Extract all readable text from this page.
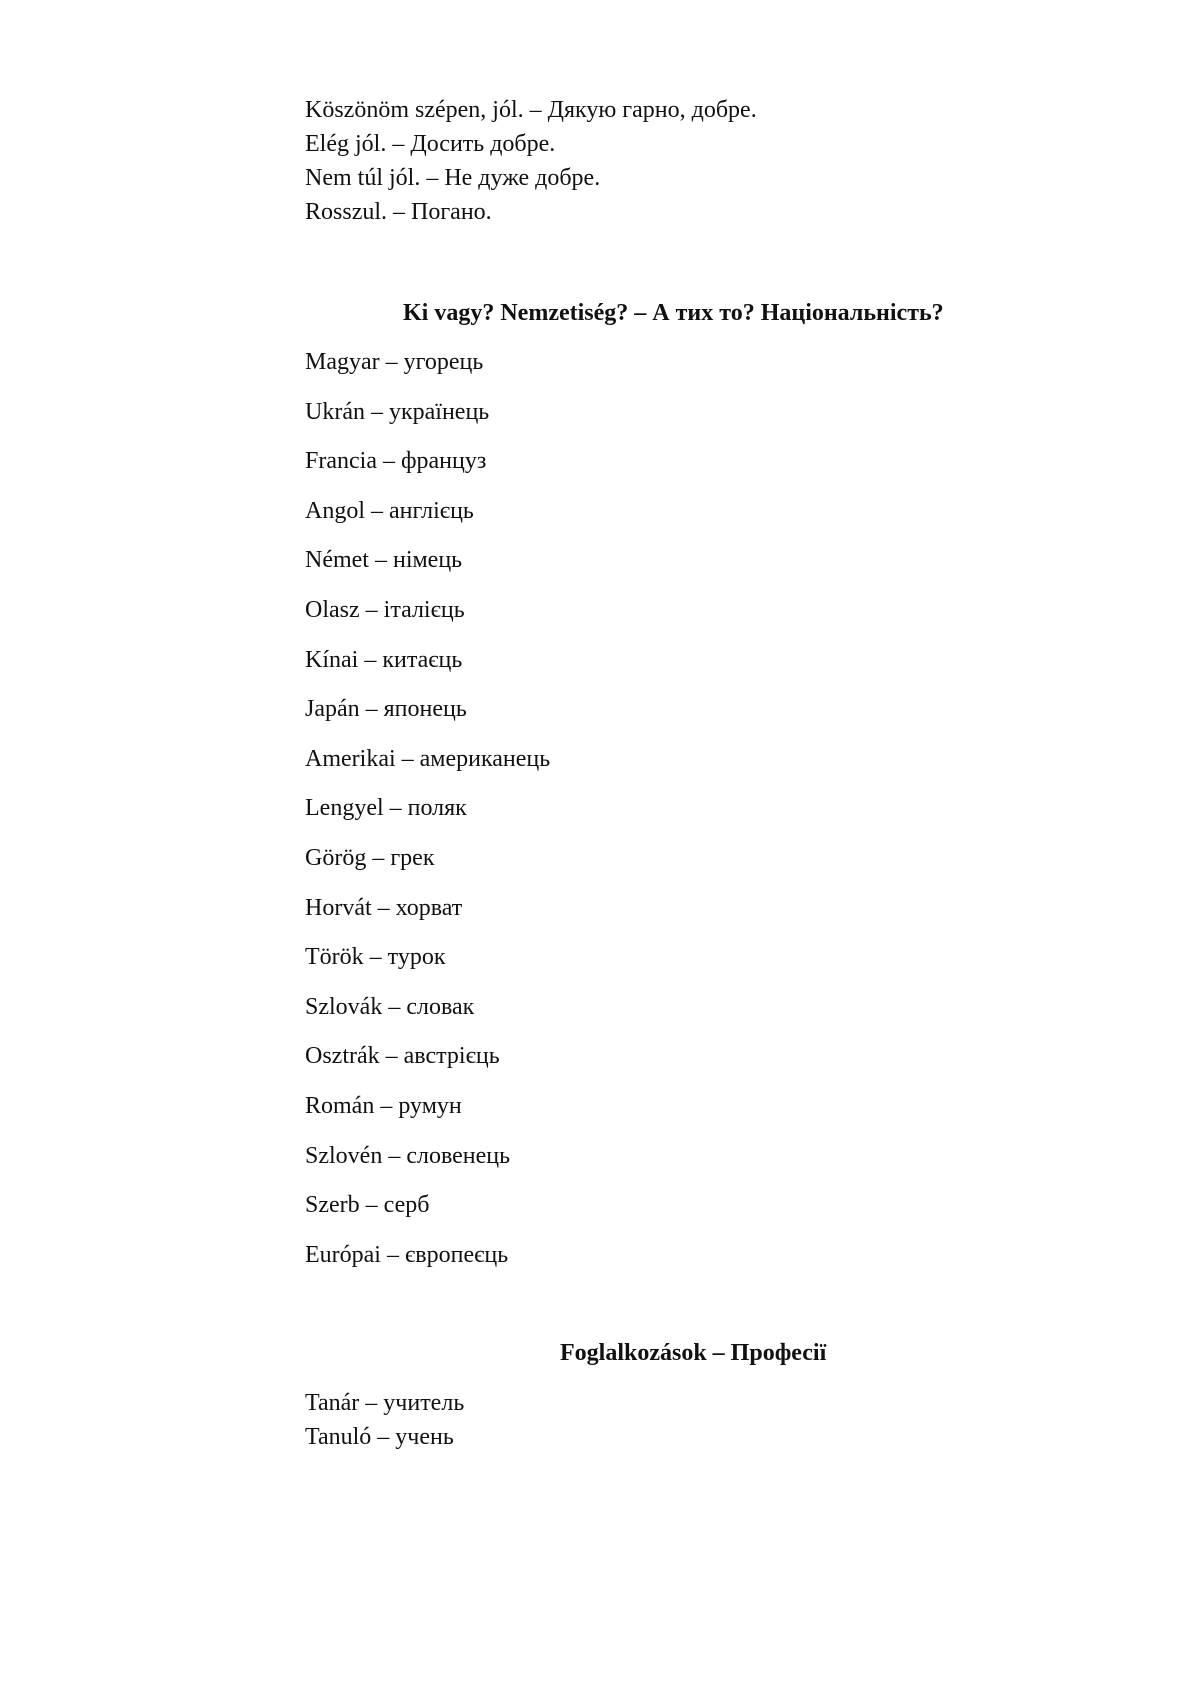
Köszönöm szépen, jól. – Дякую гарно, добре.
Elég jól. – Досить добре.
Nem túl jól. – Не дуже добре.
Rosszul. – Погано.
Ki vagy? Nemzetiség? – А тих то? Національність?
Magyar – угорець
Ukrán – українець
Francia – француз
Angol – англієць
Német – німець
Olasz – італієць
Kínai – китаєць
Japán – японець
Amerikai – американець
Lengyel – поляк
Görög – грек
Horvát – хорват
Török – турок
Szlovák – словак
Osztrák – австрієць
Román – румун
Szlovén – словенець
Szerb – серб
Európai – європеєць
Foglalkozások – Професії
Tanár – учитель
Tanuló – учень
